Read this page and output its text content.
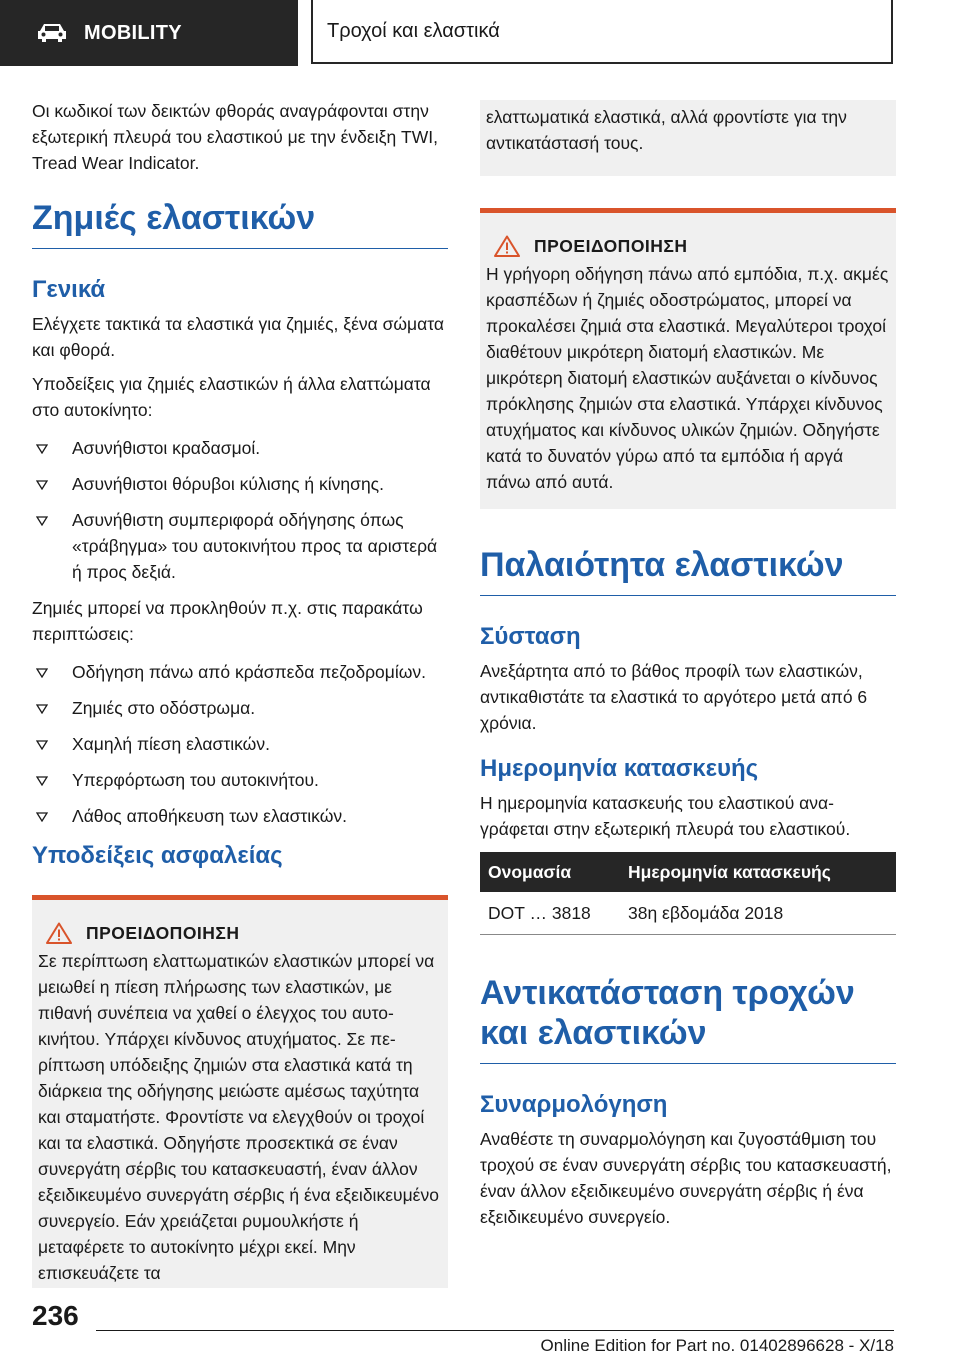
MOBILITY	Τροχοί και ελαστικά

Οι κωδικοί των δεικτών φθοράς αναγράφονται στην εξωτερική πλευρά του ελαστικού με την ένδειξη TWI, Tread Wear Indicator.

Ζημιές ελαστικών
Γενικά

Ελέγχετε τακτικά τα ελαστικά για ζημιές, ξένα σώματα και φθορά.

Υποδείξεις για ζημιές ελαστικών ή άλλα ελαττώματα στο αυτοκίνητο:

Ασυνήθιστοι κραδασμοί.
Ασυνήθιστοι θόρυβοι κύλισης ή κίνησης.
Ασυνήθιστη συμπεριφορά οδήγησης όπως «τράβηγμα» του αυτοκινήτου προς τα αριστερά ή προς δεξιά.

Ζημιές μπορεί να προκληθούν π.χ. στις παρακάτω περιπτώσεις:

Οδήγηση πάνω από κράσπεδα πεζοδρομίων.
Ζημιές στο οδόστρωμα.
Χαμηλή πίεση ελαστικών.
Υπερφόρτωση του αυτοκινήτου.
Λάθος αποθήκευση των ελαστικών.
Υποδείξεις ασφαλείας
ΠΡΟΕΙΔΟΠΟΙΗΣΗ

Σε περίπτωση ελαττωματικών ελαστικών μπορεί να μειωθεί η πίεση πλήρωσης των ελαστικών, με πιθανή συνέπεια να χαθεί ο έλεγχος του αυτοκινήτου. Υπάρχει κίνδυνος ατυχήματος. Σε περίπτωση υπόδειξης ζημιών στα ελαστικά κατά τη διάρκεια της οδήγησης μειώστε αμέσως ταχύτητα και σταματήστε. Φροντίστε να ελεγχθούν οι τροχοί και τα ελαστικά. Οδηγήστε προσεκτικά σε έναν συνεργάτη σέρβις του κατασκευαστή, έναν άλλον εξειδικευμένο συνεργάτη σέρβις ή ένα εξειδικευμένο συνεργείο. Εάν χρειάζεται ρυμουλκήστε ή μεταφέρετε το αυτοκίνητο μέχρι εκεί. Μην επισκευάζετε τα

ελαττωματικά ελαστικά, αλλά φροντίστε για την αντικατάστασή τους.

ΠΡΟΕΙΔΟΠΟΙΗΣΗ

Η γρήγορη οδήγηση πάνω από εμπόδια, π.χ. ακμές κρασπέδων ή ζημιές οδοστρώματος, μπορεί να προκαλέσει ζημιά στα ελαστικά. Μεγαλύτεροι τροχοί διαθέτουν μικρότερη διατομή ελαστικών. Με μικρότερη διατομή ελαστικών αυξάνεται ο κίνδυνος πρόκλησης ζημιών στα ελαστικά. Υπάρχει κίνδυνος ατυχήματος και κίνδυνος υλικών ζημιών. Οδηγήστε κατά το δυνατόν γύρω από τα εμπόδια ή αργά πάνω από αυτά.

Παλαιότητα ελαστικών
Σύσταση

Ανεξάρτητα από το βάθος προφίλ των ελαστικών, αντικαθιστάτε τα ελαστικά το αργότερο μετά από 6 χρόνια.

Ημερομηνία κατασκευής

Η ημερομηνία κατασκευής του ελαστικού αναγράφεται στην εξωτερική πλευρά του ελαστικού.

Ονομασία	Ημερομηνία κατασκευής
DOT … 3818	38η εβδομάδα 2018
Αντικατάσταση τροχών και ελαστικών
Συναρμολόγηση

Αναθέστε τη συναρμολόγηση και ζυγοστάθμιση του τροχού σε έναν συνεργάτη σέρβις του κατασκευαστή, έναν άλλον εξειδικευμένο συνεργάτη σέρβις ή ένα εξειδικευμένο συνεργείο.

236
Online Edition for Part no. 01402896628 - X/18
